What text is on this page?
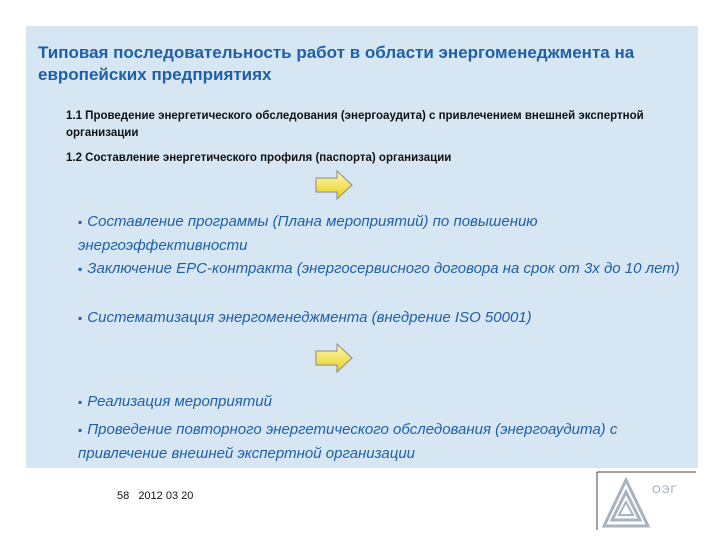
Типовая последовательность работ в области энергоменеджмента на европейских предприятиях
1.1 Проведение энергетического обследования (энергоаудита) с привлечением внешней экспертной организации
1.2 Составление энергетического профиля (паспорта) организации
▪ Составление программы (Плана мероприятий) по повышению энергоэффективности
▪ Заключение EPC-контракта (энергосервисного договора на срок от 3х до 10 лет)
▪ Систематизация энергоменеджмента (внедрение ISO 50001)
▪ Реализация мероприятий
▪ Проведение повторного энергетического обследования (энергоаудита) с привлечение внешней экспертной организации
58 2012 03 20	ОЭГ
